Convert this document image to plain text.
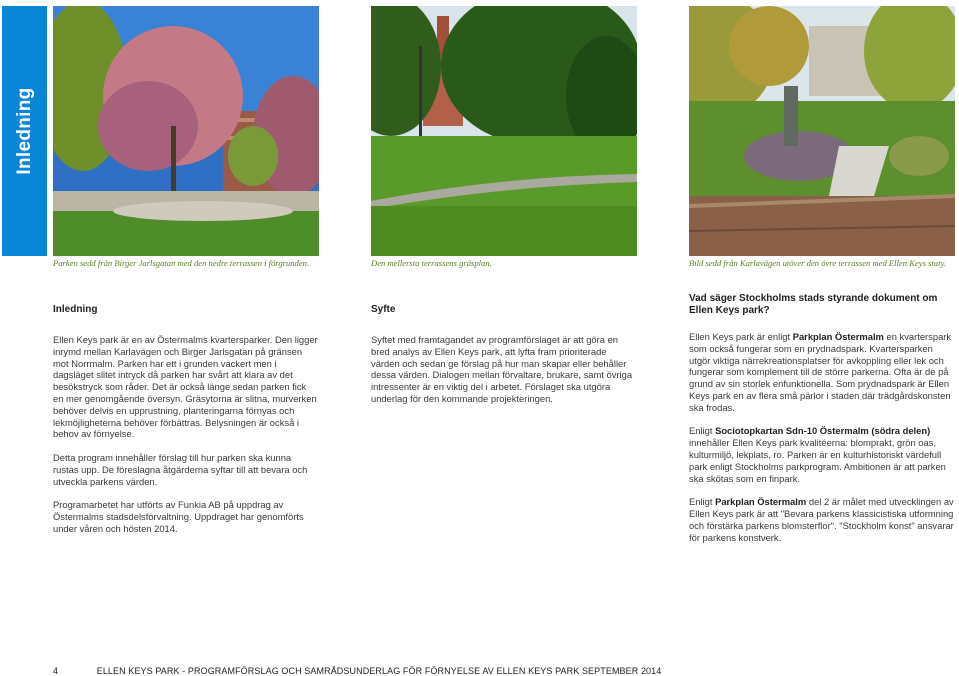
Inledning
Parken sedd från Birger Jarlsgatan med den nedre terrassen i förgrunden.	Den mellersta terrassens gräsplan.	Bild sedd från Karlavägen utöver den övre terrassen med Ellen Keys staty.
Inledning

Ellen Keys park är en av Östermalms kvartersparker. Den ligger inrymd mellan Karlavägen och Birger Jarlsgatan på gränsen mot Norrmalm. Parken har ett i grunden vackert men i dagsläget slitet intryck då parken har svårt att klara av det besökstryck som råder. Det är också länge sedan parken fick en mer genomgående översyn. Gräsytorna är slitna, murverken behöver delvis en upprustning, planteringarna förnyas och lekmöjligheterna behöver förbättras. Belysningen är också i behov av förnyelse.

Detta program innehåller förslag till hur parken ska kunna rustas upp. De föreslagna åtgärderna syftar till att bevara och utveckla parkens värden.

Programarbetet har utförts av Funkia AB på uppdrag av Östermalms stadsdelsförvaltning. Uppdraget har genomförts under våren och hösten 2014.

Syfte

Syftet med framtagandet av programförslaget är att göra en bred analys av Ellen Keys park, att lyfta fram prioriterade värden och sedan ge förslag på hur man skapar eller behåller dessa värden. Dialogen mellan förvaltare, brukare, samt övriga intressenter är en viktig del i arbetet. Förslaget ska utgöra underlag för den kommande projekteringen.

Vad säger Stockholms stads styrande dokument om Ellen Keys park?

Ellen Keys park är enligt Parkplan Östermalm en kvarterspark som också fungerar som en prydnadspark. Kvartersparken utgör viktiga närrekreationsplatser för avkoppling eller lek och fungerar som komplement till de större parkerna. Ofta är de på grund av sin storlek enfunktionella. Som prydnadspark är Ellen Keys park en av flera små pärlor i staden där trädgårdskonsten ska frodas.

Enligt Sociotopkartan Sdn-10 Östermalm (södra delen) innehåller Ellen Keys park kvalitéerna: blomprakt, grön oas, kulturmiljö, lekplats, ro. Parken är en kulturhistoriskt värdefull park enligt Stockholms parkprogram. Ambitionen är att parken ska skötas som en finpark.

Enligt Parkplan Östermalm del 2 är målet med utvecklingen av Ellen Keys park är att "Bevara parkens klassicistiska utformning och förstärka parkens blomsterflor". "Stockholm konst" ansvarar för parkens konstverk.

4	ELLEN KEYS PARK - PROGRAMFÖRSLAG OCH SAMRÅDSUNDERLAG FÖR FÖRNYELSE AV ELLEN KEYS PARK SEPTEMBER 2014
